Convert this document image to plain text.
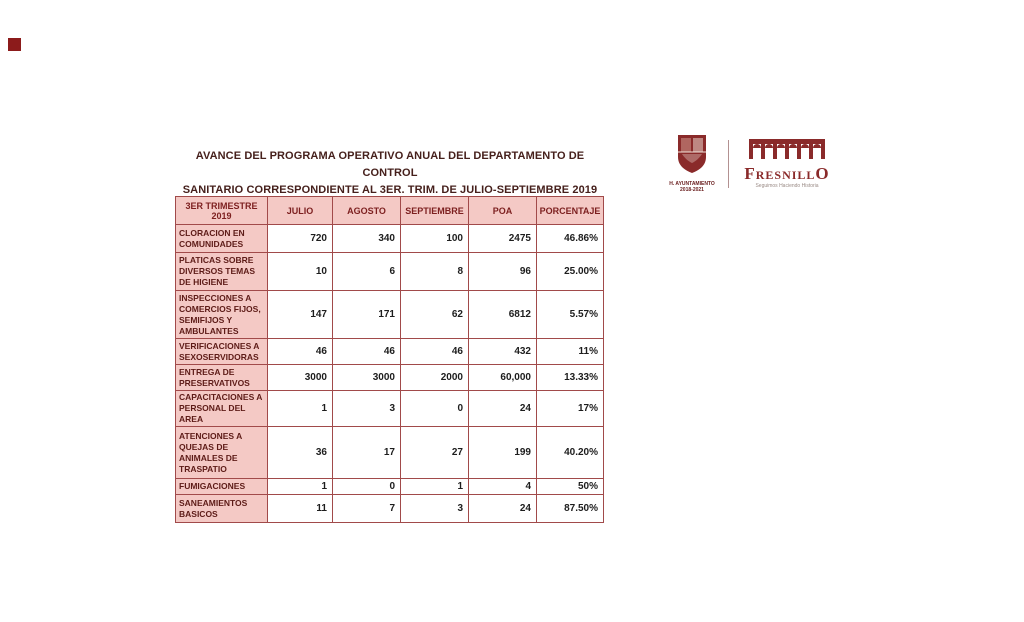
AVANCE DEL PROGRAMA OPERATIVO ANUAL DEL DEPARTAMENTO DE CONTROL
SANITARIO CORRESPONDIENTE AL 3ER. TRIM. DE JULIO-SEPTIEMBRE 2019	H. AYUNTAMIENTO
2018-2021
FresnillO
Seguimos Haciendo Historia
3ER TRIMESTRE 2019	JULIO	AGOSTO	SEPTIEMBRE	POA	PORCENTAJE
CLORACION EN COMUNIDADES	720	340	100	2475	46.86%
PLATICAS SOBRE DIVERSOS TEMAS DE HIGIENE	10	6	8	96	25.00%
INSPECCIONES A COMERCIOS FIJOS, SEMIFIJOS Y AMBULANTES	147	171	62	6812	5.57%
VERIFICACIONES A SEXOSERVIDORAS	46	46	46	432	11%
ENTREGA DE PRESERVATIVOS	3000	3000	2000	60,000	13.33%
CAPACITACIONES A PERSONAL DEL AREA	1	3	0	24	17%
ATENCIONES A QUEJAS DE ANIMALES DE TRASPATIO	36	17	27	199	40.20%
FUMIGACIONES	1	0	1	4	50%
SANEAMIENTOS BASICOS	11	7	3	24	87.50%
